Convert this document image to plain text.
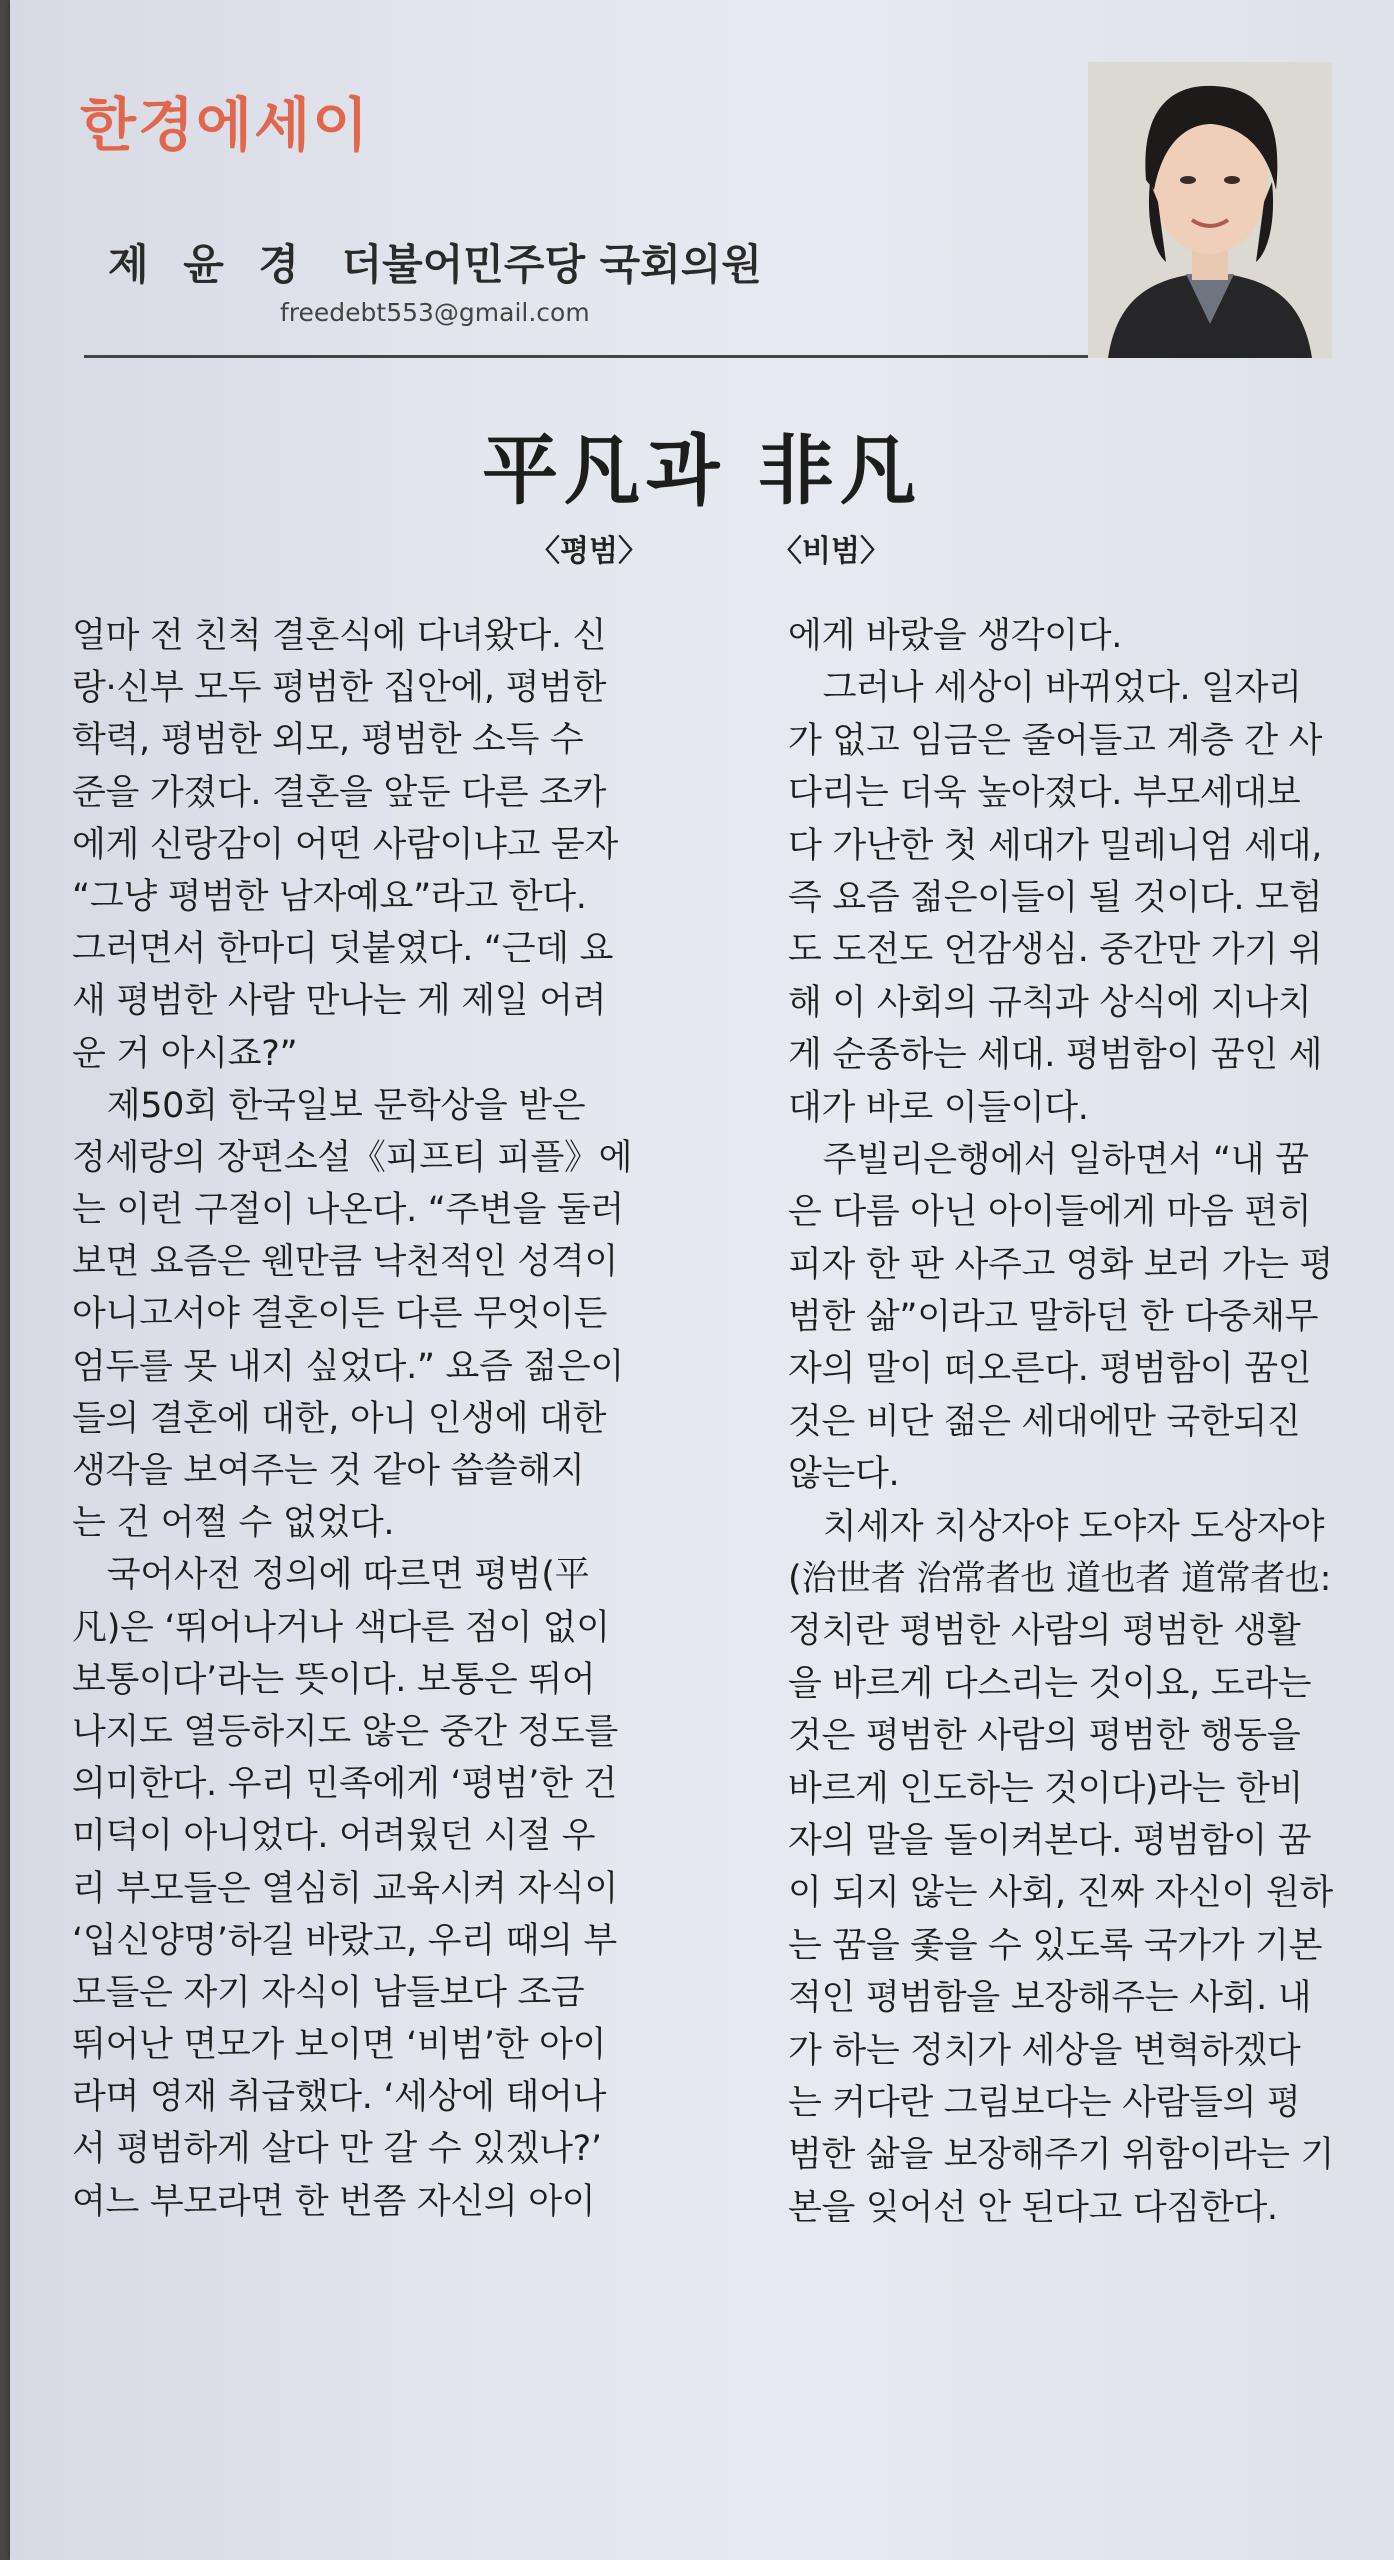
한경에세이
제 윤 경 더불어민주당 국회의원
freedebt553@gmail.com
平凡과 非凡
〈평범〉	〈비범〉
얼마 전 친척 결혼식에 다녀왔다. 신
랑·신부 모두 평범한 집안에, 평범한
학력, 평범한 외모, 평범한 소득 수
준을 가졌다. 결혼을 앞둔 다른 조카
에게 신랑감이 어떤 사람이냐고 묻자
“그냥 평범한 남자예요”라고 한다.
그러면서 한마디 덧붙였다. “근데 요
새 평범한 사람 만나는 게 제일 어려
운 거 아시죠?”
　제50회 한국일보 문학상을 받은
정세랑의 장편소설《피프티 피플》에
는 이런 구절이 나온다. “주변을 둘러
보면 요즘은 웬만큼 낙천적인 성격이
아니고서야 결혼이든 다른 무엇이든
엄두를 못 내지 싶었다.” 요즘 젊은이
들의 결혼에 대한, 아니 인생에 대한
생각을 보여주는 것 같아 씁쓸해지
는 건 어쩔 수 없었다.
　국어사전 정의에 따르면 평범(平
凡)은 ‘뛰어나거나 색다른 점이 없이
보통이다’라는 뜻이다. 보통은 뛰어
나지도 열등하지도 않은 중간 정도를
의미한다. 우리 민족에게 ‘평범’한 건
미덕이 아니었다. 어려웠던 시절 우
리 부모들은 열심히 교육시켜 자식이
‘입신양명’하길 바랐고, 우리 때의 부
모들은 자기 자식이 남들보다 조금
뛰어난 면모가 보이면 ‘비범’한 아이
라며 영재 취급했다. ‘세상에 태어나
서 평범하게 살다 만 갈 수 있겠나?’
여느 부모라면 한 번쯤 자신의 아이
에게 바랐을 생각이다.
　그러나 세상이 바뀌었다. 일자리
가 없고 임금은 줄어들고 계층 간 사
다리는 더욱 높아졌다. 부모세대보
다 가난한 첫 세대가 밀레니엄 세대,
즉 요즘 젊은이들이 될 것이다. 모험
도 도전도 언감생심. 중간만 가기 위
해 이 사회의 규칙과 상식에 지나치
게 순종하는 세대. 평범함이 꿈인 세
대가 바로 이들이다.
　주빌리은행에서 일하면서 “내 꿈
은 다름 아닌 아이들에게 마음 편히
피자 한 판 사주고 영화 보러 가는 평
범한 삶”이라고 말하던 한 다중채무
자의 말이 떠오른다. 평범함이 꿈인
것은 비단 젊은 세대에만 국한되진
않는다.
　치세자 치상자야 도야자 도상자야
(治世者 治常者也 道也者 道常者也:
정치란 평범한 사람의 평범한 생활
을 바르게 다스리는 것이요, 도라는
것은 평범한 사람의 평범한 행동을
바르게 인도하는 것이다)라는 한비
자의 말을 돌이켜본다. 평범함이 꿈
이 되지 않는 사회, 진짜 자신이 원하
는 꿈을 좇을 수 있도록 국가가 기본
적인 평범함을 보장해주는 사회. 내
가 하는 정치가 세상을 변혁하겠다
는 커다란 그림보다는 사람들의 평
범한 삶을 보장해주기 위함이라는 기
본을 잊어선 안 된다고 다짐한다.
